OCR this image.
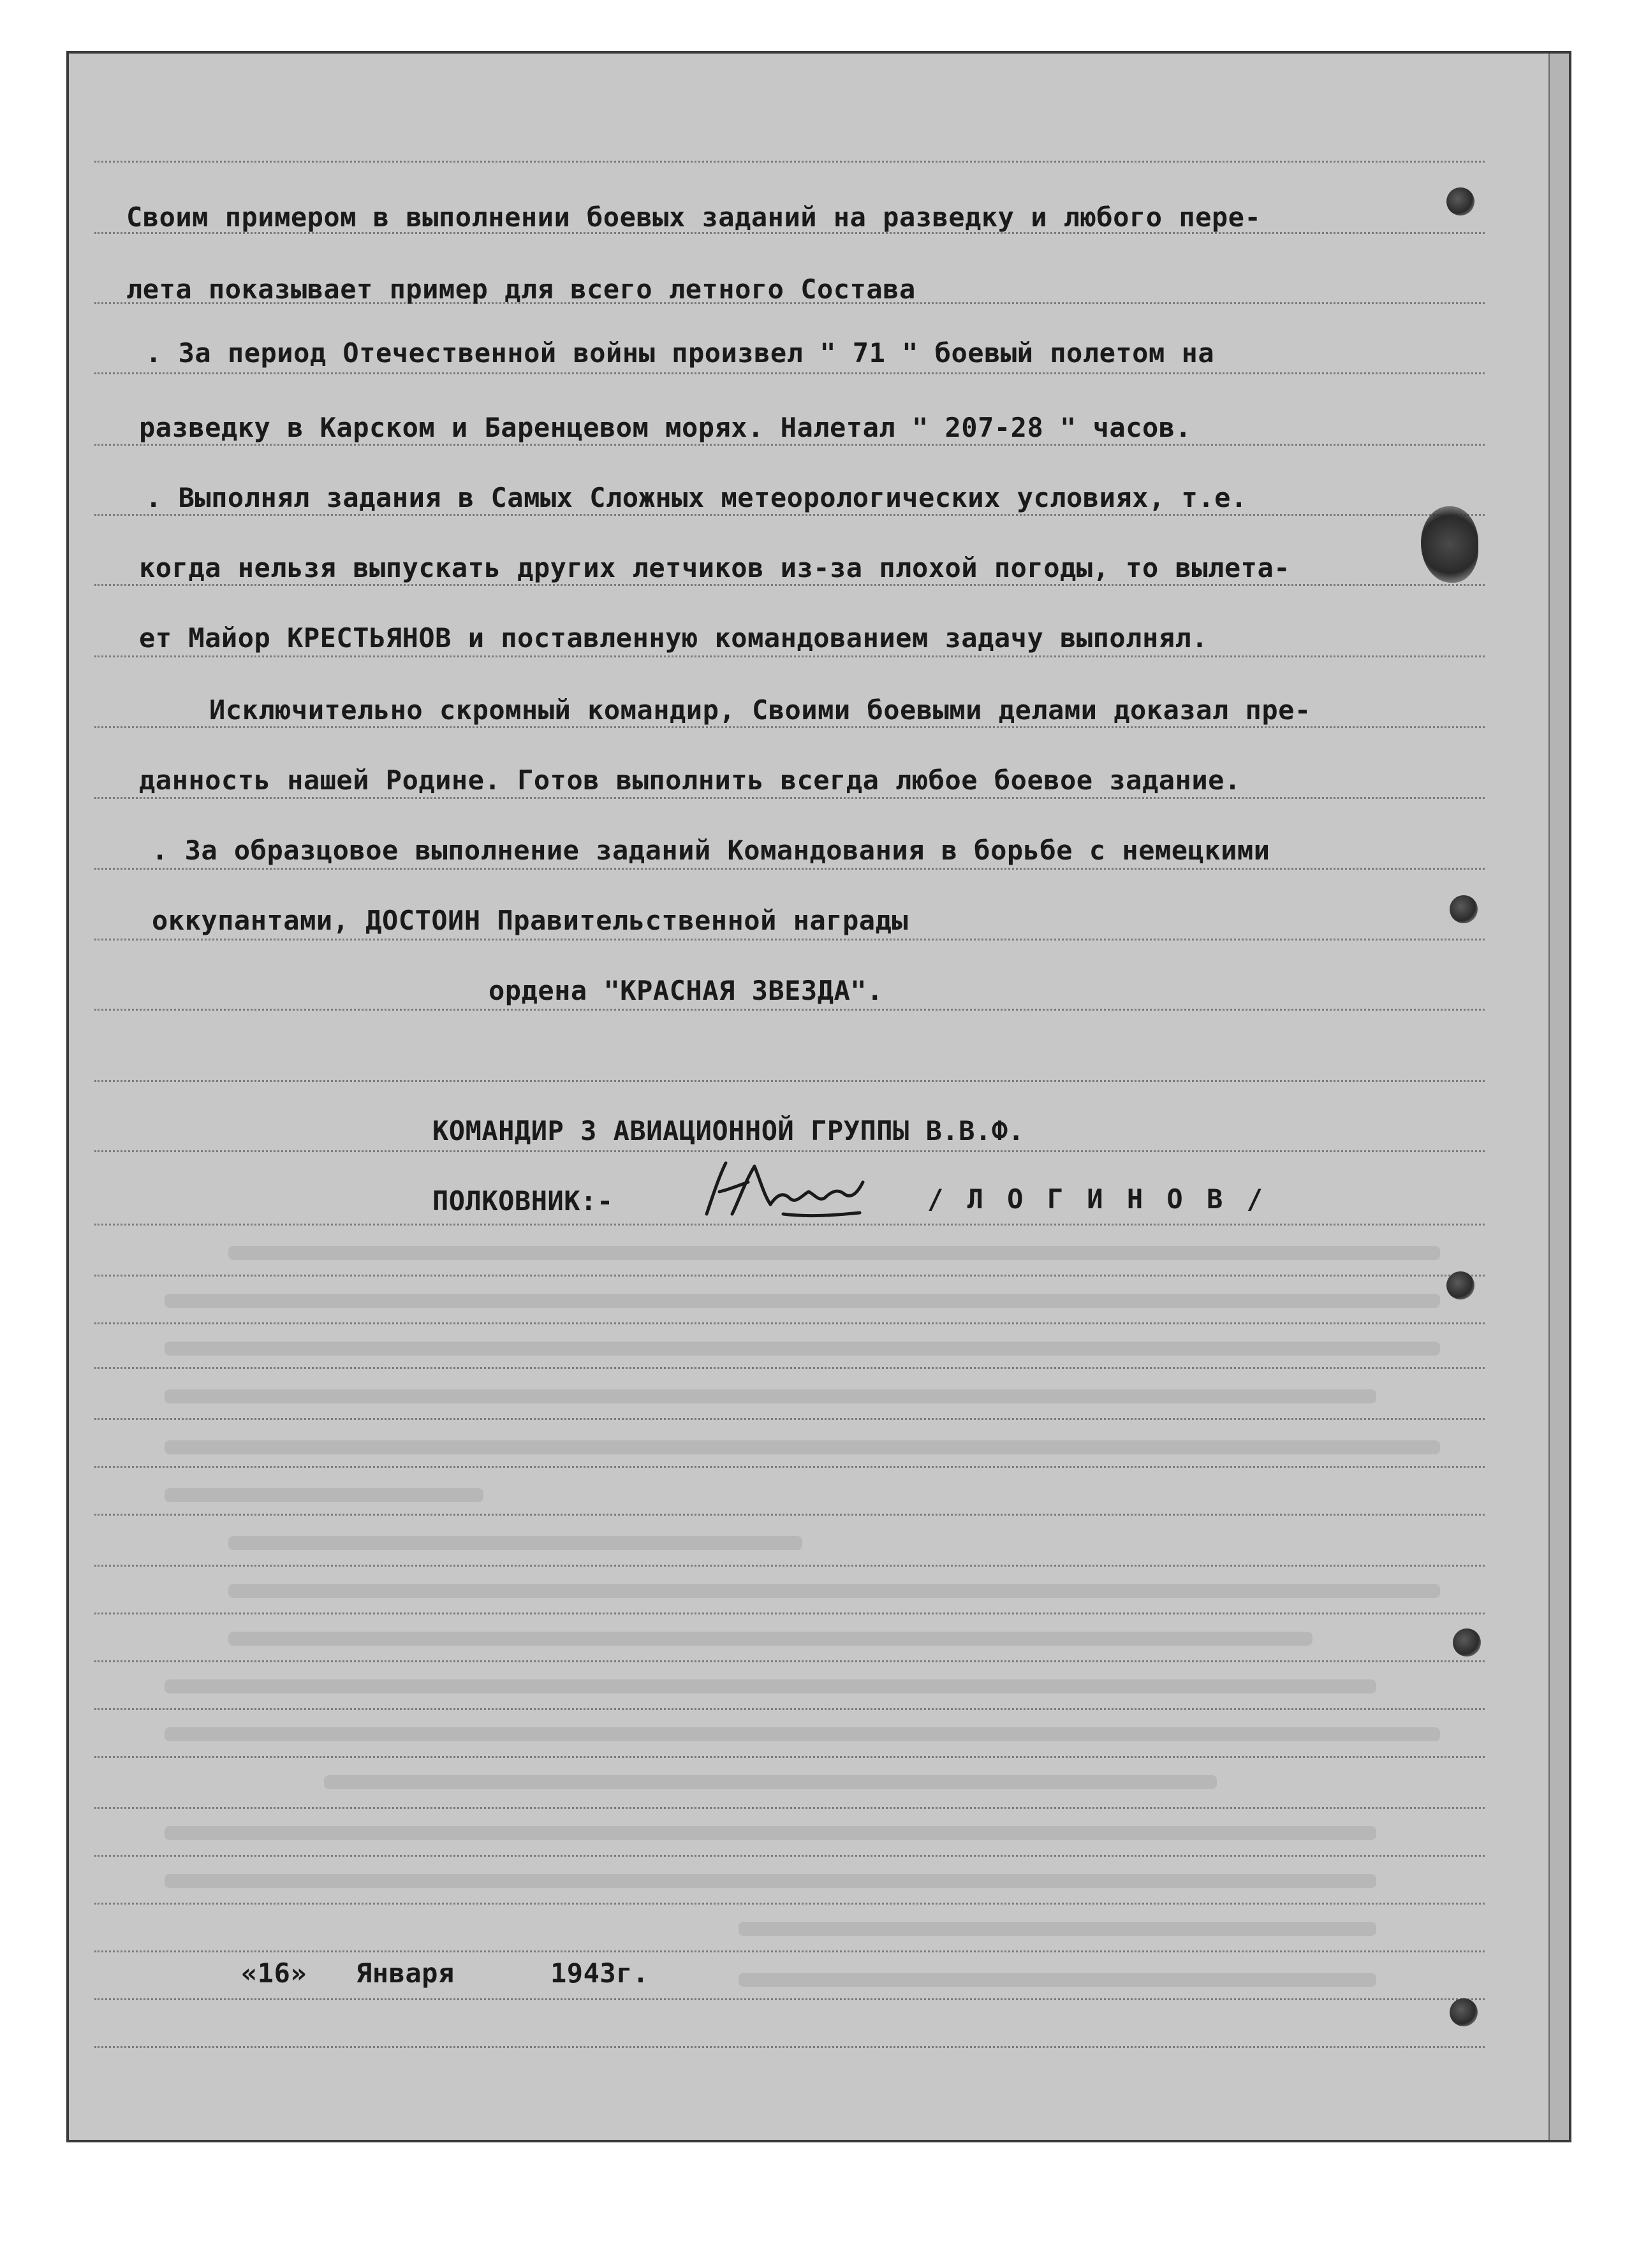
Своим примером в выполнении боевых заданий на разведку и любого пере-
лета показывает пример для всего летного Состава
. За период Отечественной войны произвел " 71 " боевый полетом на
разведку в Карском и Баренцевом морях. Налетал " 207-28 " часов.
. Выполнял задания в Самых Сложных метеорологических условиях, т.е.
когда нельзя выпускать других летчиков из-за плохой погоды, то вылета-
ет Майор КРЕСТЬЯНОВ и поставленную командованием задачу выполнял.
Исключительно скромный командир, Своими боевыми делами доказал пре-
данность нашей Родине. Готов выполнить всегда любое боевое задание.
. За образцовое выполнение заданий Командования в борьбе с немецкими
оккупантами, ДОСТОИН Правительственной награды
ордена "КРАСНАЯ ЗВЕЗДА".
КОМАНДИР 3 АВИАЦИОННОЙ ГРУППЫ В.В.Ф.
ПОЛКОВНИК:-	/ Л О Г И Н О В /
«16» Января	1943г.
